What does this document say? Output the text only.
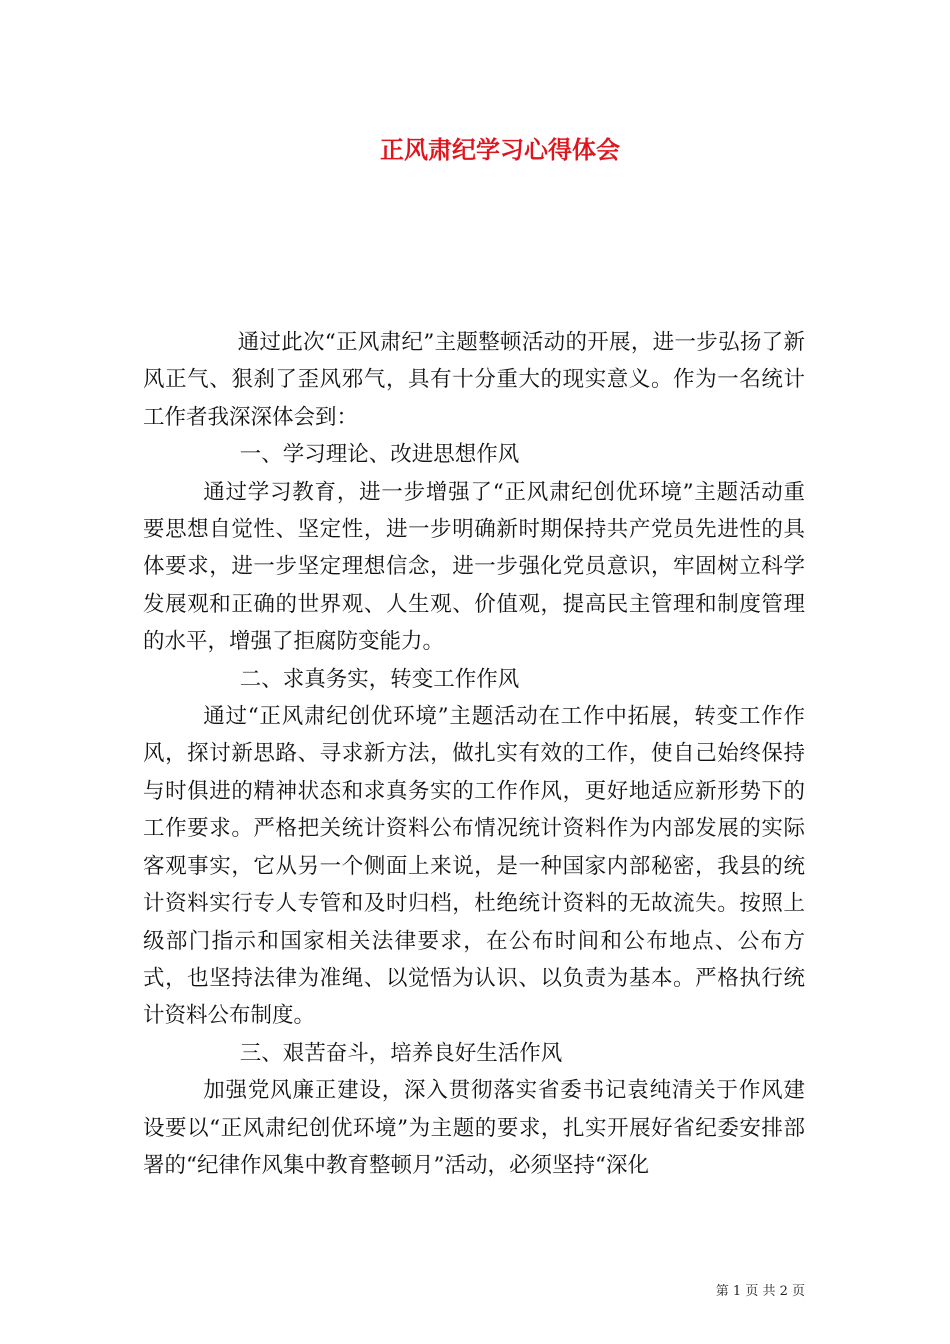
正风肃纪学习心得体会

通过此次“正风肃纪”主题整顿活动的开展，进一步弘扬了新风正气、狠刹了歪风邪气，具有十分重大的现实意义。作为一名统计工作者我深深体会到：

一、学习理论、改进思想作风

通过学习教育，进一步增强了“正风肃纪创优环境”主题活动重要思想自觉性、坚定性，进一步明确新时期保持共产党员先进性的具体要求，进一步坚定理想信念，进一步强化党员意识，牢固树立科学发展观和正确的世界观、人生观、价值观，提高民主管理和制度管理的水平，增强了拒腐防变能力。

二、求真务实，转变工作作风

通过“正风肃纪创优环境”主题活动在工作中拓展，转变工作作风，探讨新思路、寻求新方法，做扎实有效的工作，使自己始终保持与时俱进的精神状态和求真务实的工作作风，更好地适应新形势下的工作要求。严格把关统计资料公布情况统计资料作为内部发展的实际客观事实，它从另一个侧面上来说，是一种国家内部秘密，我县的统计资料实行专人专管和及时归档，杜绝统计资料的无故流失。按照上级部门指示和国家相关法律要求，在公布时间和公布地点、公布方式，也坚持法律为准绳、以觉悟为认识、以负责为基本。严格执行统计资料公布制度。

三、艰苦奋斗，培养良好生活作风

加强党风廉正建设，深入贯彻落实省委书记袁纯清关于作风建设要以“正风肃纪创优环境”为主题的要求，扎实开展好省纪委安排部署的“纪律作风集中教育整顿月”活动，必须坚持“深化

第 1 页 共 2 页
